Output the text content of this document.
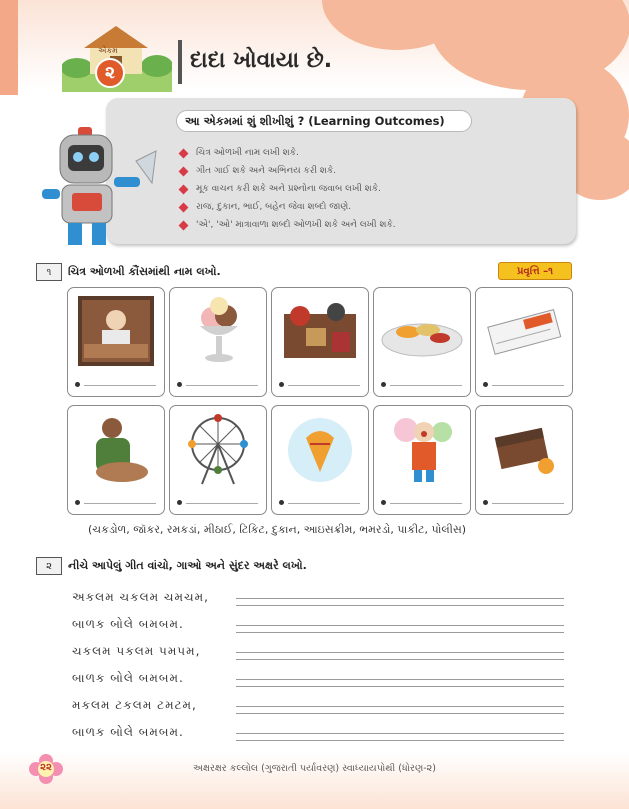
એકમ
૨	દાદા ખોવાયા છે.
આ એકમમાં શું શીખીશું ? (Learning Outcomes)
ચિત્ર ઓળખી નામ લખી શકે.
ગીત ગાઈ શકે અને અભિનય કરી શકે.
મૂક વાચન કરી શકે અને પ્રશ્નોના જવાબ લખી શકે.
રાજ, દુકાન, ભાઈ, બહેન જેવા શબ્દો જાણે.
'એ', 'ઓ' માત્રાવાળા શબ્દો ઓળખી શકે અને લખી શકે.
૧	ચિત્ર ઓળખી કૌંસમાંથી નામ લખો.	પ્રવૃત્તિ –૧
(ચકડોળ, જૉકર, રમકડાં, મીઠાઈ, ટિકિટ, દુકાન, આઇસક્રીમ, ભમરડો, પાકીટ, પોલીસ)
૨	નીચે આપેલું ગીત વાંચો, ગાઓ અને સુંદર અક્ષરે લખો.
અકલમ ચકલમ ચમચમ,
બાળક બોલે બમબમ.
ચકલમ પકલમ પમપમ,
બાળક બોલે બમબમ.
મકલમ ટકલમ ટમટમ,
બાળક બોલે બમબમ.
૨૨	અક્ષરક્ષર કલ્લોલ (ગુજરાતી પર્યાવરણ) સ્વાધ્યાયપોથી (ધોરણ-૨)
